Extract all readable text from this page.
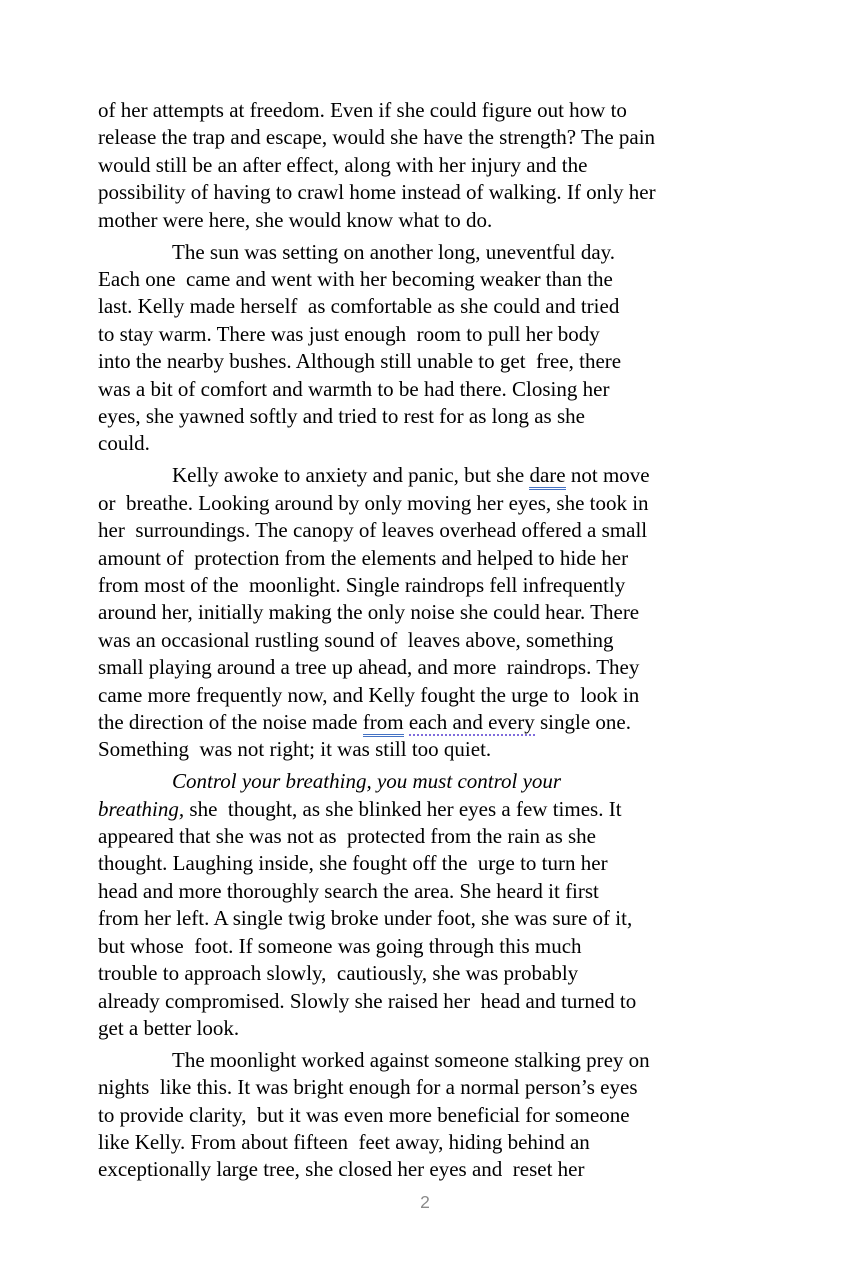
of her attempts at freedom. Even if she could figure out how to
release the trap and escape, would she have the strength? The pain
would still be an after effect, along with her injury and the
possibility of having to crawl home instead of walking. If only her
mother were here, she would know what to do.

The sun was setting on another long, uneventful day.
Each one  came and went with her becoming weaker than the
last. Kelly made herself  as comfortable as she could and tried
to stay warm. There was just enough  room to pull her body
into the nearby bushes. Although still unable to get  free, there
was a bit of comfort and warmth to be had there. Closing her
eyes, she yawned softly and tried to rest for as long as she
could.

Kelly awoke to anxiety and panic, but she dare not move
or  breathe. Looking around by only moving her eyes, she took in
her  surroundings. The canopy of leaves overhead offered a small
amount of  protection from the elements and helped to hide her
from most of the  moonlight. Single raindrops fell infrequently
around her, initially making the only noise she could hear. There
was an occasional rustling sound of  leaves above, something
small playing around a tree up ahead, and more  raindrops. They
came more frequently now, and Kelly fought the urge to  look in
the direction of the noise made from each and every single one.
Something  was not right; it was still too quiet.

Control your breathing, you must control your
breathing, she  thought, as she blinked her eyes a few times. It
appeared that she was not as  protected from the rain as she
thought. Laughing inside, she fought off the  urge to turn her
head and more thoroughly search the area. She heard it first
from her left. A single twig broke under foot, she was sure of it,
but whose  foot. If someone was going through this much
trouble to approach slowly,  cautiously, she was probably
already compromised. Slowly she raised her  head and turned to
get a better look.

The moonlight worked against someone stalking prey on
nights  like this. It was bright enough for a normal person’s eyes
to provide clarity,  but it was even more beneficial for someone
like Kelly. From about fifteen  feet away, hiding behind an
exceptionally large tree, she closed her eyes and  reset her

2
